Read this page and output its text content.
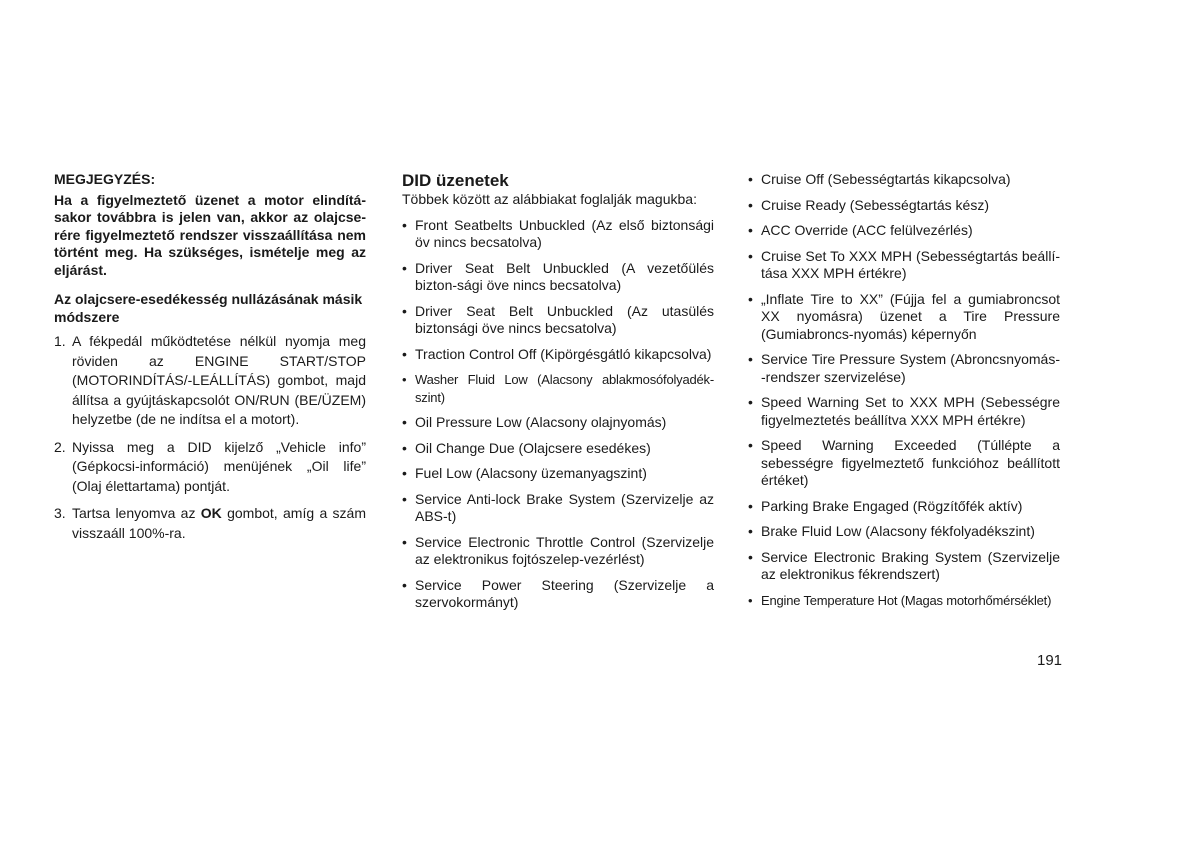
MEGJEGYZÉS:

Ha a figyelmeztető üzenet a motor elindítá-sakor továbbra is jelen van, akkor az olajcse-rére figyelmeztető rendszer visszaállítása nem történt meg. Ha szükséges, ismételje meg az eljárást.

Az olajcsere-esedékesség nullázásának másik módszere

1. A fékpedál működtetése nélkül nyomja meg röviden az ENGINE START/STOP (MOTORINDÍTÁS/-LEÁLLÍTÁS) gombot, majd állítsa a gyújtáskapcsolót ON/RUN (BE/ÜZEM) helyzetbe (de ne indítsa el a motort).
2. Nyissa meg a DID kijelző „Vehicle info” (Gépkocsi-információ) menüjének „Oil life” (Olaj élettartama) pontját.
3. Tartsa lenyomva az OK gombot, amíg a szám visszaáll 100%-ra.

DID üzenetek

Többek között az alábbiakat foglalják magukba:

• Front Seatbelts Unbuckled (Az első biztonsági öv nincs becsatolva)
• Driver Seat Belt Unbuckled (A vezetőülés bizton-sági öve nincs becsatolva)
• Driver Seat Belt Unbuckled (Az utasülés biztonsági öve nincs becsatolva)
• Traction Control Off (Kipörgésgátló kikapcsolva)
• Washer Fluid Low (Alacsony ablakmosófolyadék-szint)
• Oil Pressure Low (Alacsony olajnyomás)
• Oil Change Due (Olajcsere esedékes)
• Fuel Low (Alacsony üzemanyagszint)
• Service Anti-lock Brake System (Szervizelje az ABS-t)
• Service Electronic Throttle Control (Szervizelje az elektronikus fojtószelep-vezérlést)
• Service Power Steering (Szervizelje a szervokormányt)
• Cruise Off (Sebességtartás kikapcsolva)
• Cruise Ready (Sebességtartás kész)
• ACC Override (ACC felülvezérlés)
• Cruise Set To XXX MPH (Sebességtartás beállí-tása XXX MPH értékre)
• „Inflate Tire to XX” (Fújja fel a gumiabroncsot XX nyomásra) üzenet a Tire Pressure (Gumiabroncs-nyomás) képernyőn
• Service Tire Pressure System (Abroncsnyomás--rendszer szervizelése)
• Speed Warning Set to XXX MPH (Sebességre figyelmeztetés beállítva XXX MPH értékre)
• Speed Warning Exceeded (Túllépte a sebességre figyelmeztető funkcióhoz beállított értéket)
• Parking Brake Engaged (Rögzítőfék aktív)
• Brake Fluid Low (Alacsony fékfolyadékszint)
• Service Electronic Braking System (Szervizelje az elektronikus fékrendszert)
• Engine Temperature Hot (Magas motorhőmérséklet)
191
